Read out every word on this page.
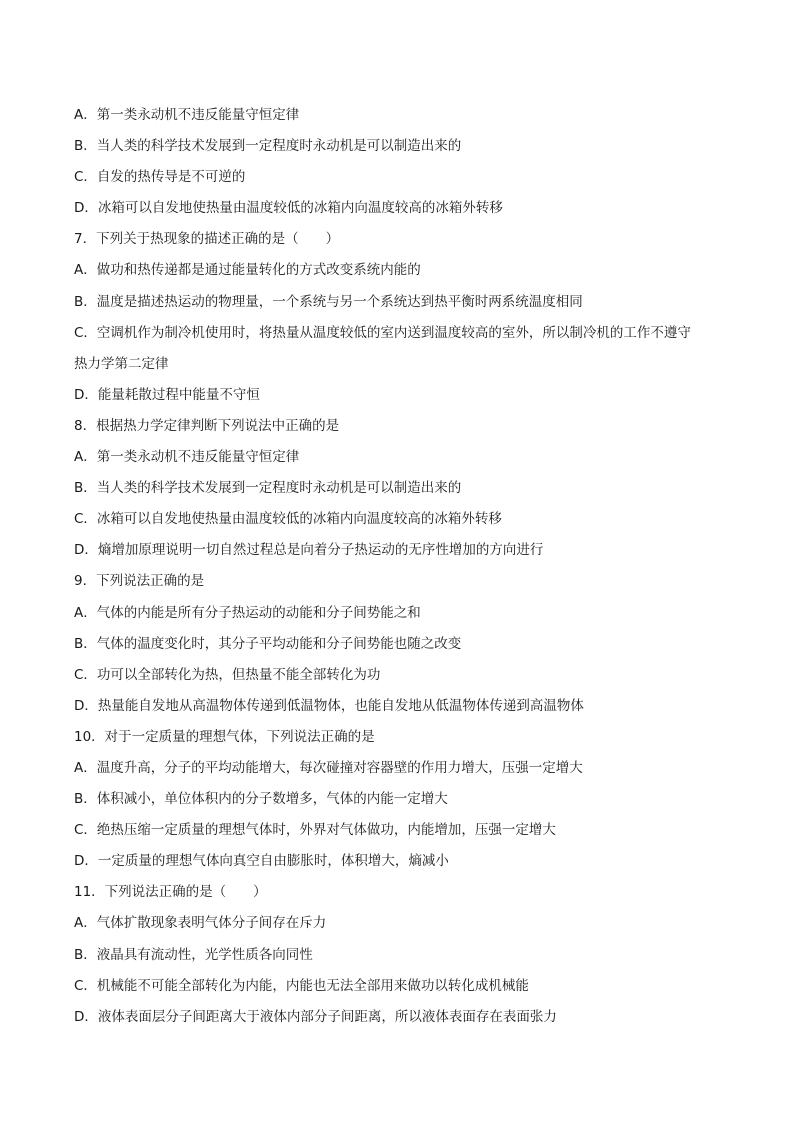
A．第一类永动机不违反能量守恒定律
B．当人类的科学技术发展到一定程度时永动机是可以制造出来的
C．自发的热传导是不可逆的
D．冰箱可以自发地使热量由温度较低的冰箱内向温度较高的冰箱外转移
7．下列关于热现象的描述正确的是（　　）
A．做功和热传递都是通过能量转化的方式改变系统内能的
B．温度是描述热运动的物理量，一个系统与另一个系统达到热平衡时两系统温度相同
C．空调机作为制冷机使用时，将热量从温度较低的室内送到温度较高的室外，所以制冷机的工作不遵守
热力学第二定律
D．能量耗散过程中能量不守恒
8．根据热力学定律判断下列说法中正确的是
A．第一类永动机不违反能量守恒定律
B．当人类的科学技术发展到一定程度时永动机是可以制造出来的
C．冰箱可以自发地使热量由温度较低的冰箱内向温度较高的冰箱外转移
D．熵增加原理说明一切自然过程总是向着分子热运动的无序性增加的方向进行
9．下列说法正确的是
A．气体的内能是所有分子热运动的动能和分子间势能之和
B．气体的温度变化时，其分子平均动能和分子间势能也随之改变
C．功可以全部转化为热，但热量不能全部转化为功
D．热量能自发地从高温物体传递到低温物体，也能自发地从低温物体传递到高温物体
10．对于一定质量的理想气体，下列说法正确的是
A．温度升高，分子的平均动能增大，每次碰撞对容器壁的作用力增大，压强一定增大
B．体积减小，单位体积内的分子数增多，气体的内能一定增大
C．绝热压缩一定质量的理想气体时，外界对气体做功，内能增加，压强一定增大
D．一定质量的理想气体向真空自由膨胀时，体积增大，熵减小
11．下列说法正确的是（　　）
A．气体扩散现象表明气体分子间存在斥力
B．液晶具有流动性，光学性质各向同性
C．机械能不可能全部转化为内能，内能也无法全部用来做功以转化成机械能
D．液体表面层分子间距离大于液体内部分子间距离，所以液体表面存在表面张力
